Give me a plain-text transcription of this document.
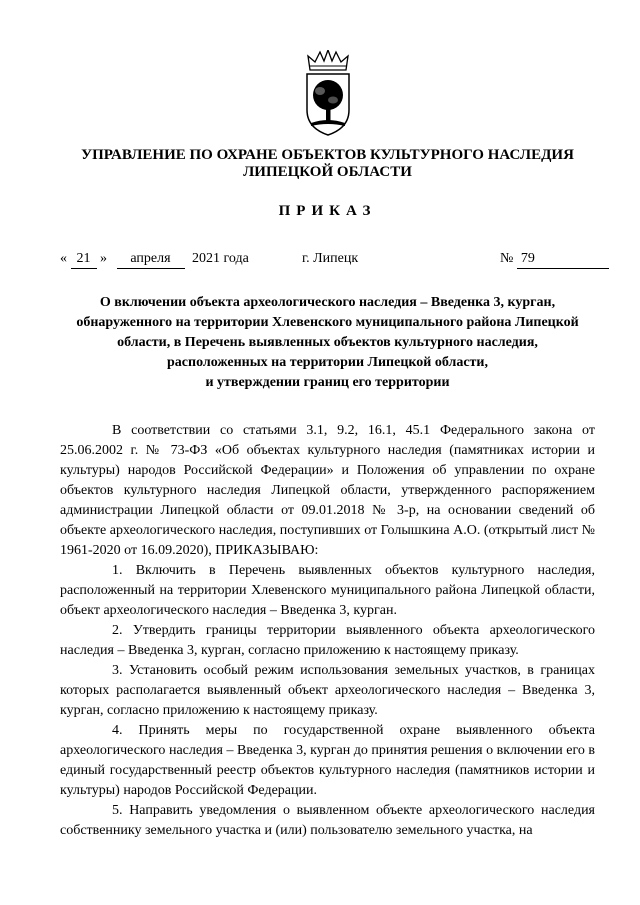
УПРАВЛЕНИЕ ПО ОХРАНЕ ОБЪЕКТОВ КУЛЬТУРНОГО НАСЛЕДИЯ
ЛИПЕЦКОЙ ОБЛАСТИ
ПРИКАЗ
« 21 » апреля 2021 года	г. Липецк	№ 79
О включении объекта археологического наследия – Введенка 3, курган,
обнаруженного на территории Хлевенского муниципального района Липецкой
области, в Перечень выявленных объектов культурного наследия,
расположенных на территории Липецкой области,
и утверждении границ его территории

В соответствии со статьями 3.1, 9.2, 16.1, 45.1 Федерального закона от 25.06.2002 г. № 73-ФЗ «Об объектах культурного наследия (памятниках истории и культуры) народов Российской Федерации» и Положения об управлении по охране объектов культурного наследия Липецкой области, утвержденного распоряжением администрации Липецкой области от 09.01.2018 № 3-р, на основании сведений об объекте археологического наследия, поступивших от Голышкина А.О. (открытый лист № 1961-2020 от 16.09.2020), ПРИКАЗЫВАЮ:

1. Включить в Перечень выявленных объектов культурного наследия, расположенный на территории Хлевенского муниципального района Липецкой области, объект археологического наследия – Введенка 3, курган.

2. Утвердить границы территории выявленного объекта археологического наследия – Введенка 3, курган, согласно приложению к настоящему приказу.

3. Установить особый режим использования земельных участков, в границах которых располагается выявленный объект археологического наследия – Введенка 3, курган, согласно приложению к настоящему приказу.

4. Принять меры по государственной охране выявленного объекта археологического наследия – Введенка 3, курган до принятия решения о включении его в единый государственный реестр объектов культурного наследия (памятников истории и культуры) народов Российской Федерации.

5. Направить уведомления о выявленном объекте археологического наследия собственнику земельного участка и (или) пользователю земельного участка, на
